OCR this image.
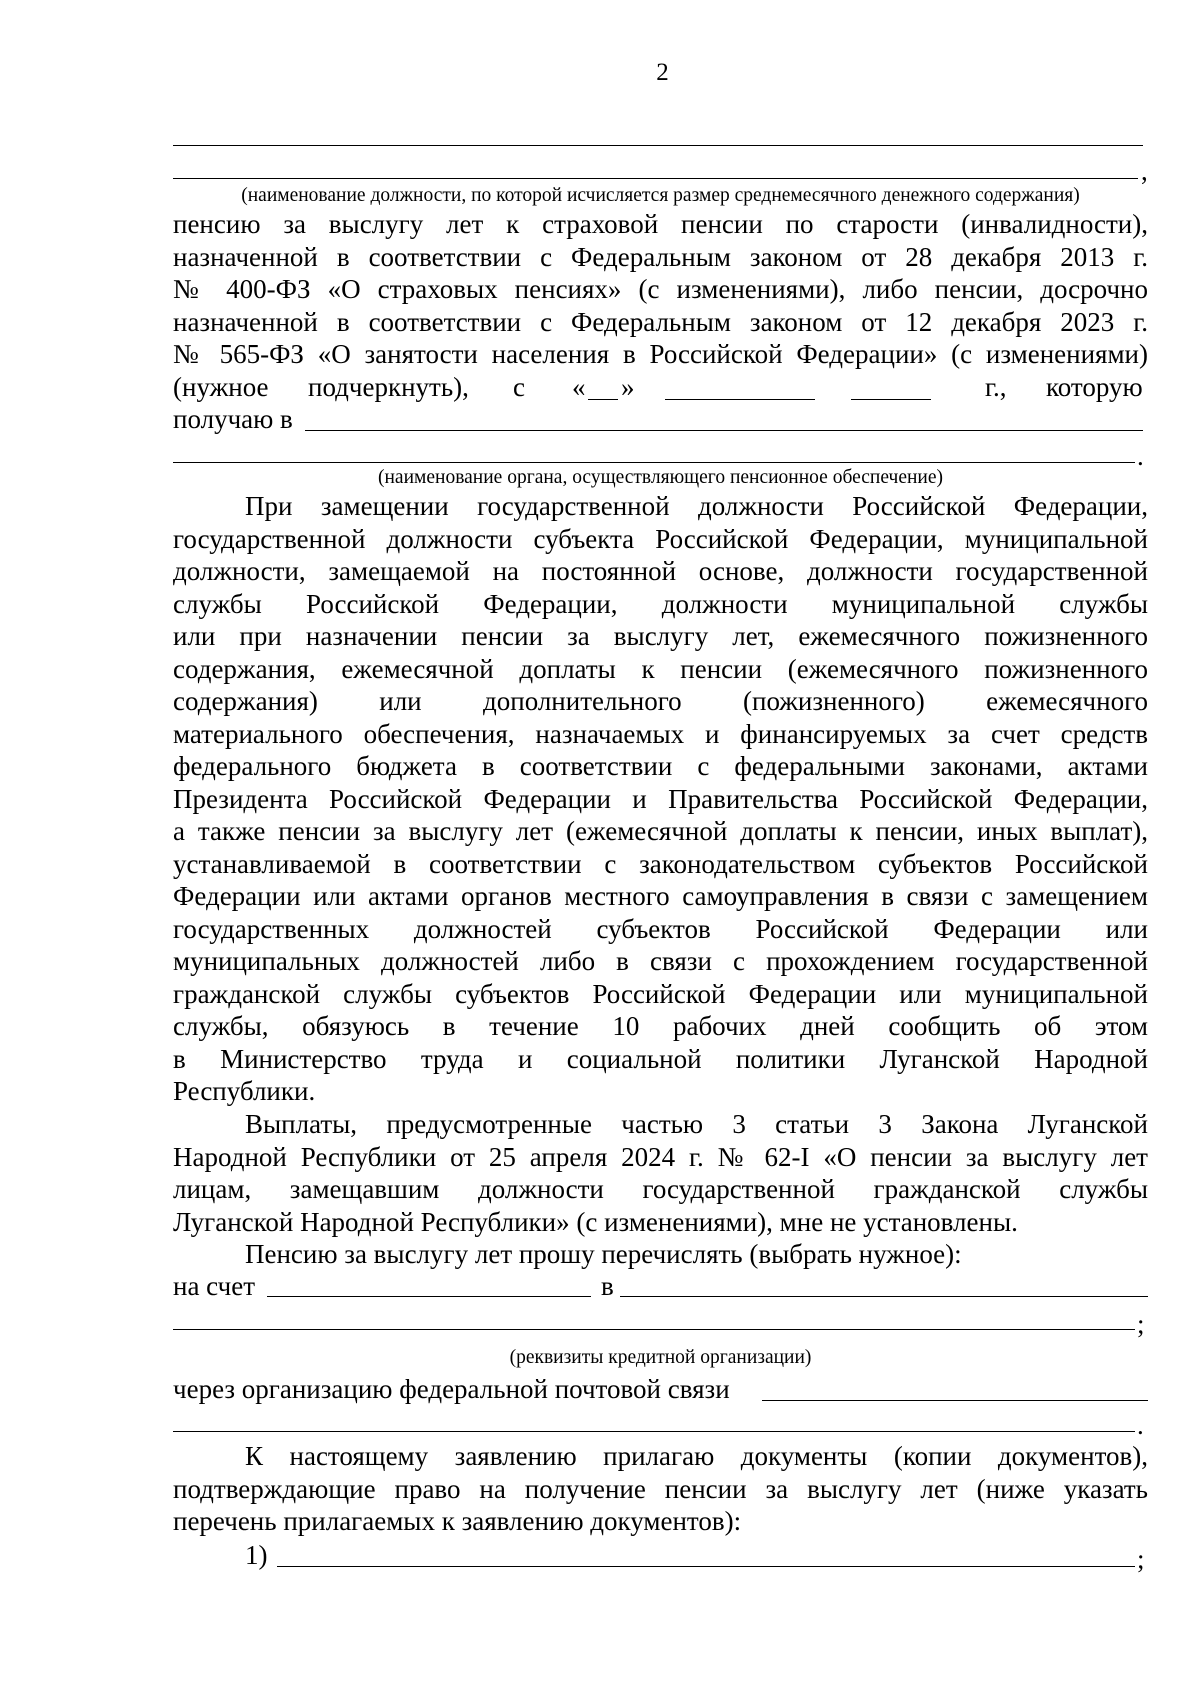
2
,
(наименование должности, по которой исчисляется размер среднемесячного денежного содержания)
пенсию за выслугу лет к страховой пенсии по старости (инвалидности),
назначенной в соответствии с Федеральным законом от 28 декабря 2013 г.
№ 400-ФЗ «О страховых пенсиях» (с изменениями), либо пенсии, досрочно
назначенной в соответствии с Федеральным законом от 12 декабря 2023 г.
№ 565-ФЗ «О занятости населения в Российской Федерации» (с изменениями)
(нужное подчеркнуть), с « »	г., которую
получаю в
.
(наименование органа, осуществляющего пенсионное обеспечение)
При замещении государственной должности Российской Федерации,
государственной должности субъекта Российской Федерации, муниципальной
должности, замещаемой на постоянной основе, должности государственной
службы Российской Федерации, должности муниципальной службы
или при назначении пенсии за выслугу лет, ежемесячного пожизненного
содержания, ежемесячной доплаты к пенсии (ежемесячного пожизненного
содержания) или дополнительного (пожизненного) ежемесячного
материального обеспечения, назначаемых и финансируемых за счет средств
федерального бюджета в соответствии с федеральными законами, актами
Президента Российской Федерации и Правительства Российской Федерации,
а также пенсии за выслугу лет (ежемесячной доплаты к пенсии, иных выплат),
устанавливаемой в соответствии с законодательством субъектов Российской
Федерации или актами органов местного самоуправления в связи с замещением
государственных должностей субъектов Российской Федерации или
муниципальных должностей либо в связи с прохождением государственной
гражданской службы субъектов Российской Федерации или муниципальной
службы, обязуюсь в течение 10 рабочих дней сообщить об этом
в Министерство труда и социальной политики Луганской Народной
Республики.
Выплаты, предусмотренные частью 3 статьи 3 Закона Луганской
Народной Республики от 25 апреля 2024 г. № 62-I «О пенсии за выслугу лет
лицам, замещавшим должности государственной гражданской службы
Луганской Народной Республики» (с изменениями), мне не установлены.
Пенсию за выслугу лет прошу перечислять (выбрать нужное):
на счет	в
;
(реквизиты кредитной организации)
через организацию федеральной почтовой связи
.
К настоящему заявлению прилагаю документы (копии документов),
подтверждающие право на получение пенсии за выслугу лет (ниже указать
перечень прилагаемых к заявлению документов):
1)	;
